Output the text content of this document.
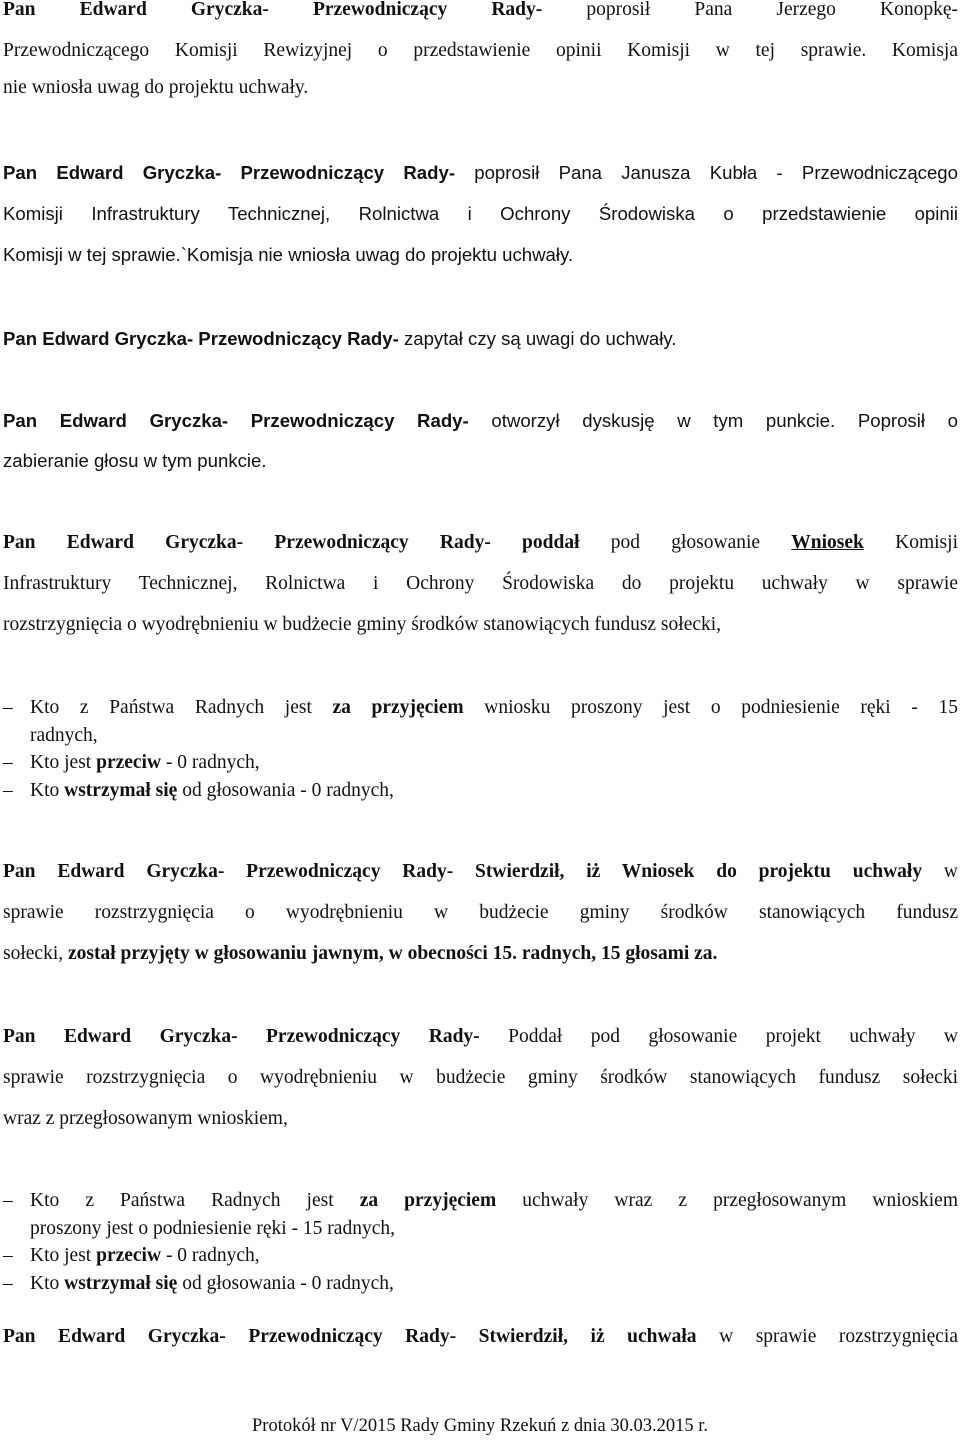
Pan Edward Gryczka- Przewodniczący Rady- poprosił Pana Jerzego Konopkę-
Przewodniczącego Komisji Rewizyjnej o przedstawienie opinii Komisji w tej sprawie. Komisja
nie wniosła uwag do projektu uchwały.
Pan Edward Gryczka- Przewodniczący Rady- poprosił Pana Janusza Kubła - Przewodniczącego
Komisji Infrastruktury Technicznej, Rolnictwa i Ochrony Środowiska o przedstawienie opinii
Komisji w tej sprawie.`Komisja nie wniosła uwag do projektu uchwały.
Pan Edward Gryczka- Przewodniczący Rady- zapytał czy są uwagi do uchwały.
Pan Edward Gryczka- Przewodniczący Rady- otworzył dyskusję w tym punkcie. Poprosił o
zabieranie głosu w tym punkcie.
Pan Edward Gryczka- Przewodniczący Rady- poddał pod głosowanie Wniosek Komisji
Infrastruktury Technicznej, Rolnictwa i Ochrony Środowiska do projektu uchwały w sprawie
rozstrzygnięcia o wyodrębnieniu w budżecie gminy środków stanowiących fundusz sołecki,
– Kto z Państwa Radnych jest za przyjęciem wniosku proszony jest o podniesienie ręki - 15
radnych,
– Kto jest przeciw - 0 radnych,
– Kto wstrzymał się od głosowania - 0 radnych,
Pan Edward Gryczka- Przewodniczący Rady- Stwierdził, iż Wniosek do projektu uchwały w
sprawie rozstrzygnięcia o wyodrębnieniu w budżecie gminy środków stanowiących fundusz
sołecki, został przyjęty w głosowaniu jawnym, w obecności 15. radnych, 15 głosami za.
Pan Edward Gryczka- Przewodniczący Rady- Poddał pod głosowanie projekt uchwały w
sprawie rozstrzygnięcia o wyodrębnieniu w budżecie gminy środków stanowiących fundusz sołecki
wraz z przegłosowanym wnioskiem,
– Kto z Państwa Radnych jest za przyjęciem uchwały wraz z przegłosowanym wnioskiem
proszony jest o podniesienie ręki - 15 radnych,
– Kto jest przeciw - 0 radnych,
– Kto wstrzymał się od głosowania - 0 radnych,
Pan Edward Gryczka- Przewodniczący Rady- Stwierdził, iż uchwała w sprawie rozstrzygnięcia
Protokół nr V/2015 Rady Gminy Rzekuń z dnia 30.03.2015 r.
